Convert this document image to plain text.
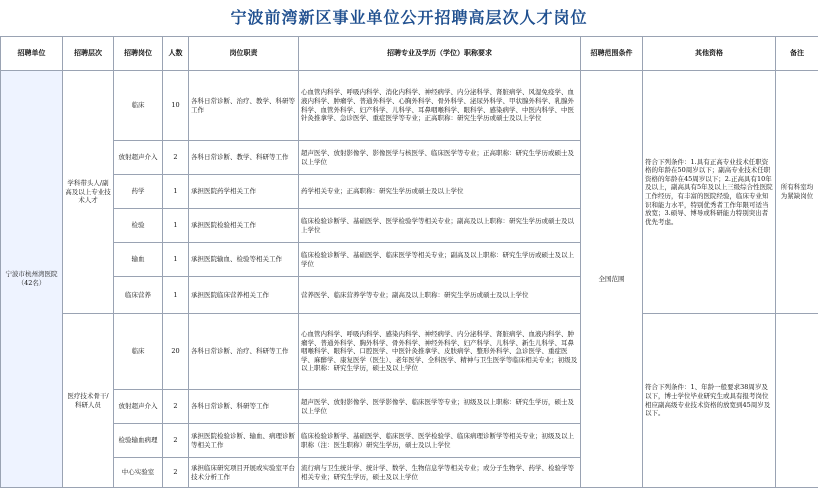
宁波前湾新区事业单位公开招聘高层次人才岗位
招聘单位	招聘层次	招聘岗位	人数	岗位职责	招聘专业及学历（学位）职称要求	招聘范围条件	其他资格	备注
宁波市杭州湾医院（42名）	学科带头人/副高及以上专业技术人才	临床	10	各科日常诊断、治疗、教学、科研等工作	心血管内科学、呼吸内科学、消化内科学、神经病学、内分泌科学、肾脏病学、风湿免疫学、血液内科学、肿瘤学、普通外科学、心胸外科学、骨外科学、泌尿外科学、甲状腺外科学、乳腺外科学、血管外科学、妇产科学、儿科学、耳鼻咽喉科学、眼科学、感染病学、中医内科学、中医针灸推拿学、急诊医学、重症医学等专业；正高职称：研究生学历或硕士及以上学位	全国范围	符合下列条件：1.具有正高专业技术任职资格的年龄在50周岁以下；副高专业技术任职资格的年龄在45周岁以下；2.正高具有10年及以上，副高具有5年及以上三级综合性医院工作经历，有丰富的医院经验，临床专业知识和能力水平，特别优秀者工作年限可适当放宽；3.硕导、博导或科研能力特别突出者优先考虑。	所有科室均为紧缺岗位
		放射超声介入	2	各科日常诊断、教学、科研等工作	超声医学、放射影像学、影像医学与核医学、临床医学等专业；正高职称：研究生学历或硕士及以上学位			
		药学	1	承担医院药学相关工作	药学相关专业；正高职称：研究生学历或硕士及以上学位			
		检验	1	承担医院检验相关工作	临床检验诊断学、基础医学、医学检验学等相关专业；副高及以上职称：研究生学历或硕士及以上学位			
		输血	1	承担医院输血、检验等相关工作	临床检验诊断学、基础医学、临床医学等相关专业；副高及以上职称：研究生学历或硕士及以上学位			
		临床营养	1	承担医院临床营养相关工作	营养医学、临床营养学等专业；副高及以上职称：研究生学历或硕士及以上学位			
	医疗技术骨干/科研人员	临床	20	各科日常诊断、治疗、科研等工作	心血管内科学、呼吸内科学、感染内科学、神经病学、内分泌科学、肾脏病学、血液内科学、肿瘤学、普通外科学、胸外科学、骨外科学、神经外科学、妇产科学、儿科学、新生儿科学、耳鼻咽喉科学、眼科学、口腔医学、中医针灸推拿学、皮肤病学、整形外科学、急诊医学、重症医学、麻醉学、康复医学（医生）、老年医学、全科医学、精神与卫生医学等临床相关专业；初级及以上职称：研究生学历，硕士及以上学位		符合下列条件：1、年龄一般要求38周岁及以下，博士学位毕业研究生或具有报考岗位相应副高级专业技术资格的放宽到45周岁及以下。	
		放射超声介入	2	各科日常诊断、科研等工作	超声医学、放射影像学、医学影像学、临床医学等专业；初级及以上职称：研究生学历，硕士及以上学位			
		检验输血病理	2	承担医院检验诊断、输血、病理诊断等相关工作	临床检验诊断学、基础医学、临床医学、医学检验学、临床病理诊断学等相关专业；初级及以上职称（注：医生职称）研究生学历，硕士及以上学位			
		中心实验室	2	承担临床研究项目开展或实验室平台技术分析工作	流行病与卫生统计学、统计学、数学、生物信息学等相关专业；或分子生物学、药学、检验学等相关专业；研究生学历，硕士及以上学位			
